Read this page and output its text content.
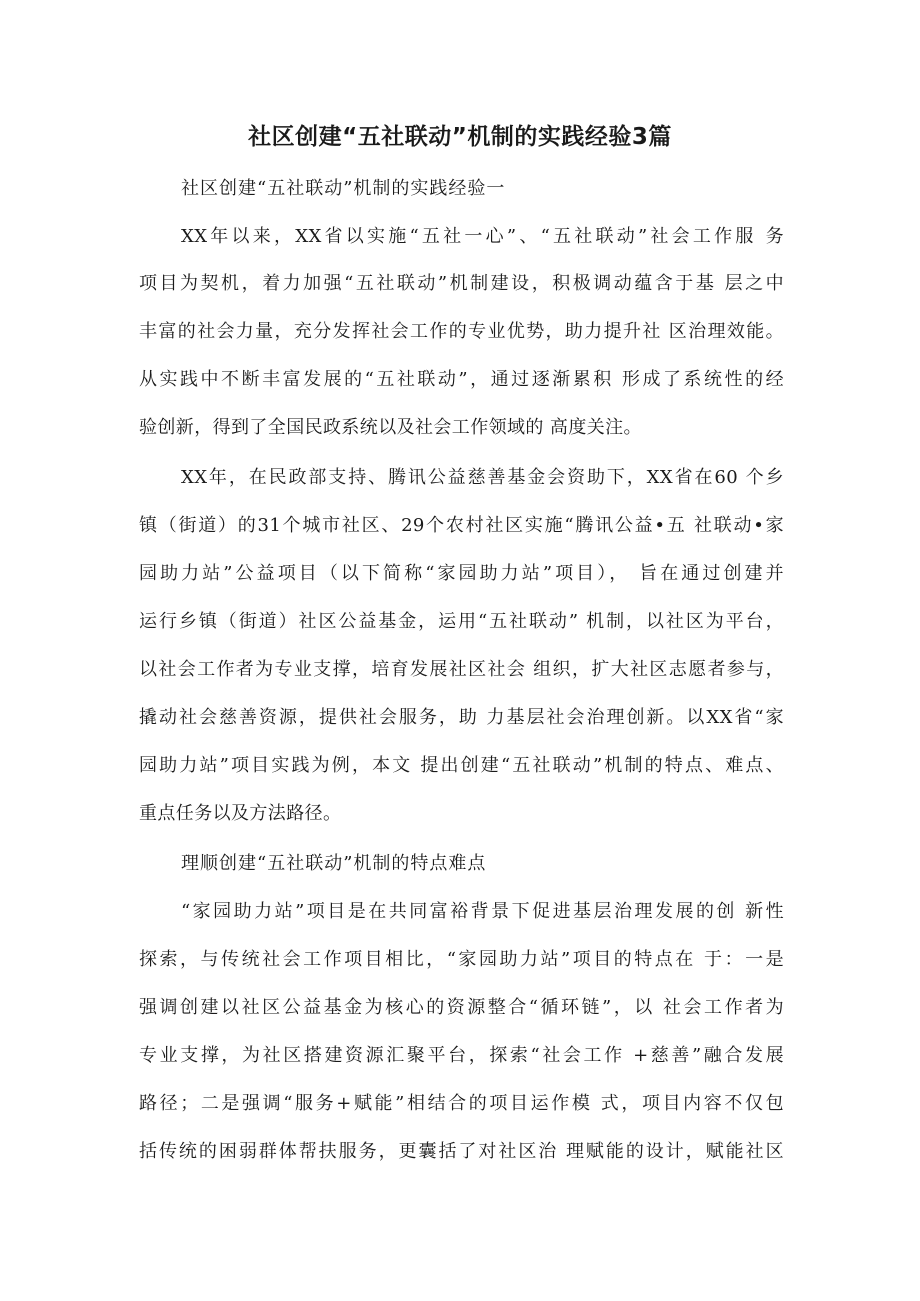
社区创建“五社联动”机制的实践经验3篇
社区创建“五社联动”机制的实践经验一
XX年以来，XX省以实施“五社一心”、“五社联动”社会工作服 务
项目为契机，着力加强“五社联动”机制建设，积极调动蕴含于基 层之中
丰富的社会力量，充分发挥社会工作的专业优势，助力提升社 区治理效能。
从实践中不断丰富发展的“五社联动”，通过逐渐累积 形成了系统性的经
验创新，得到了全国民政系统以及社会工作领域的 高度关注。
XX年，在民政部支持、腾讯公益慈善基金会资助下，XX省在60 个乡
镇（街道）的31个城市社区、29个农村社区实施“腾讯公益•五 社联动•家
园助力站”公益项目（以下简称“家园助力站”项目）， 旨在通过创建并
运行乡镇（街道）社区公益基金，运用“五社联动” 机制，以社区为平台，
以社会工作者为专业支撑，培育发展社区社会 组织，扩大社区志愿者参与，
撬动社会慈善资源，提供社会服务，助 力基层社会治理创新。以XX省“家
园助力站”项目实践为例，本文 提出创建“五社联动”机制的特点、难点、
重点任务以及方法路径。
理顺创建“五社联动”机制的特点难点
“家园助力站”项目是在共同富裕背景下促进基层治理发展的创 新性
探索，与传统社会工作项目相比，“家园助力站”项目的特点在 于：一是
强调创建以社区公益基金为核心的资源整合“循环链”，以 社会工作者为
专业支撑，为社区搭建资源汇聚平台，探索“社会工作 +慈善”融合发展
路径；二是强调“服务+赋能”相结合的项目运作模 式，项目内容不仅包
括传统的困弱群体帮扶服务，更囊括了对社区治 理赋能的设计，赋能社区
